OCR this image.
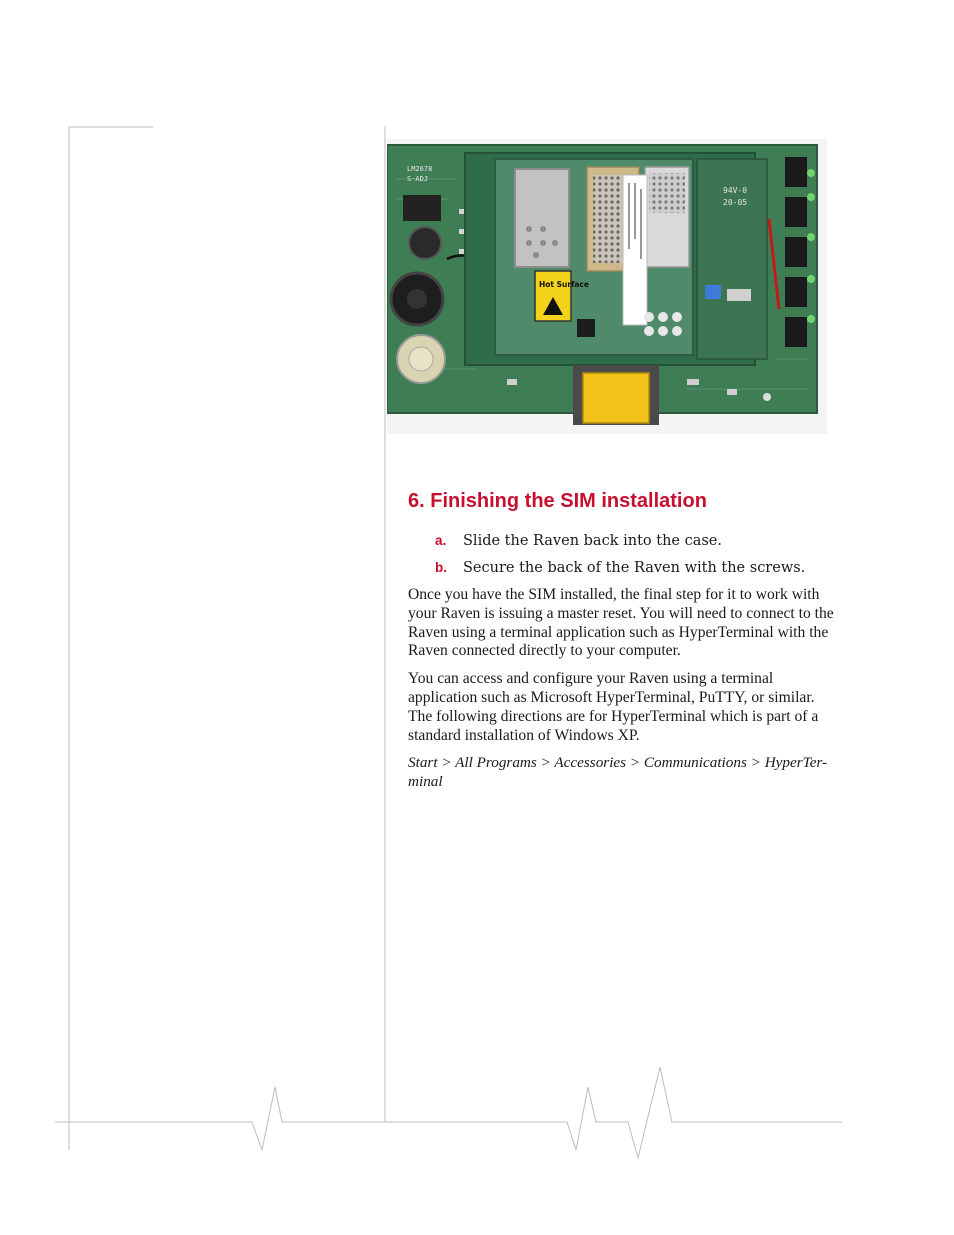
LM2678
S-ADJ
Hot Surface
94V-0
20-05
6. Finishing the SIM installation
a.	Slide the Raven back into the case.
b.	Secure the back of the Raven with the screws.

Once you have the SIM installed, the final step for it to work with your Raven is issuing a master reset. You will need to connect to the Raven using a terminal application such as HyperTerminal with the Raven connected directly to your computer.

You can access and configure your Raven using a terminal application such as Microsoft HyperTerminal, PuTTY, or similar. The following directions are for HyperTerminal which is part of a standard installation of Windows XP.

Start > All Programs > Accessories > Communications > HyperTer-minal
